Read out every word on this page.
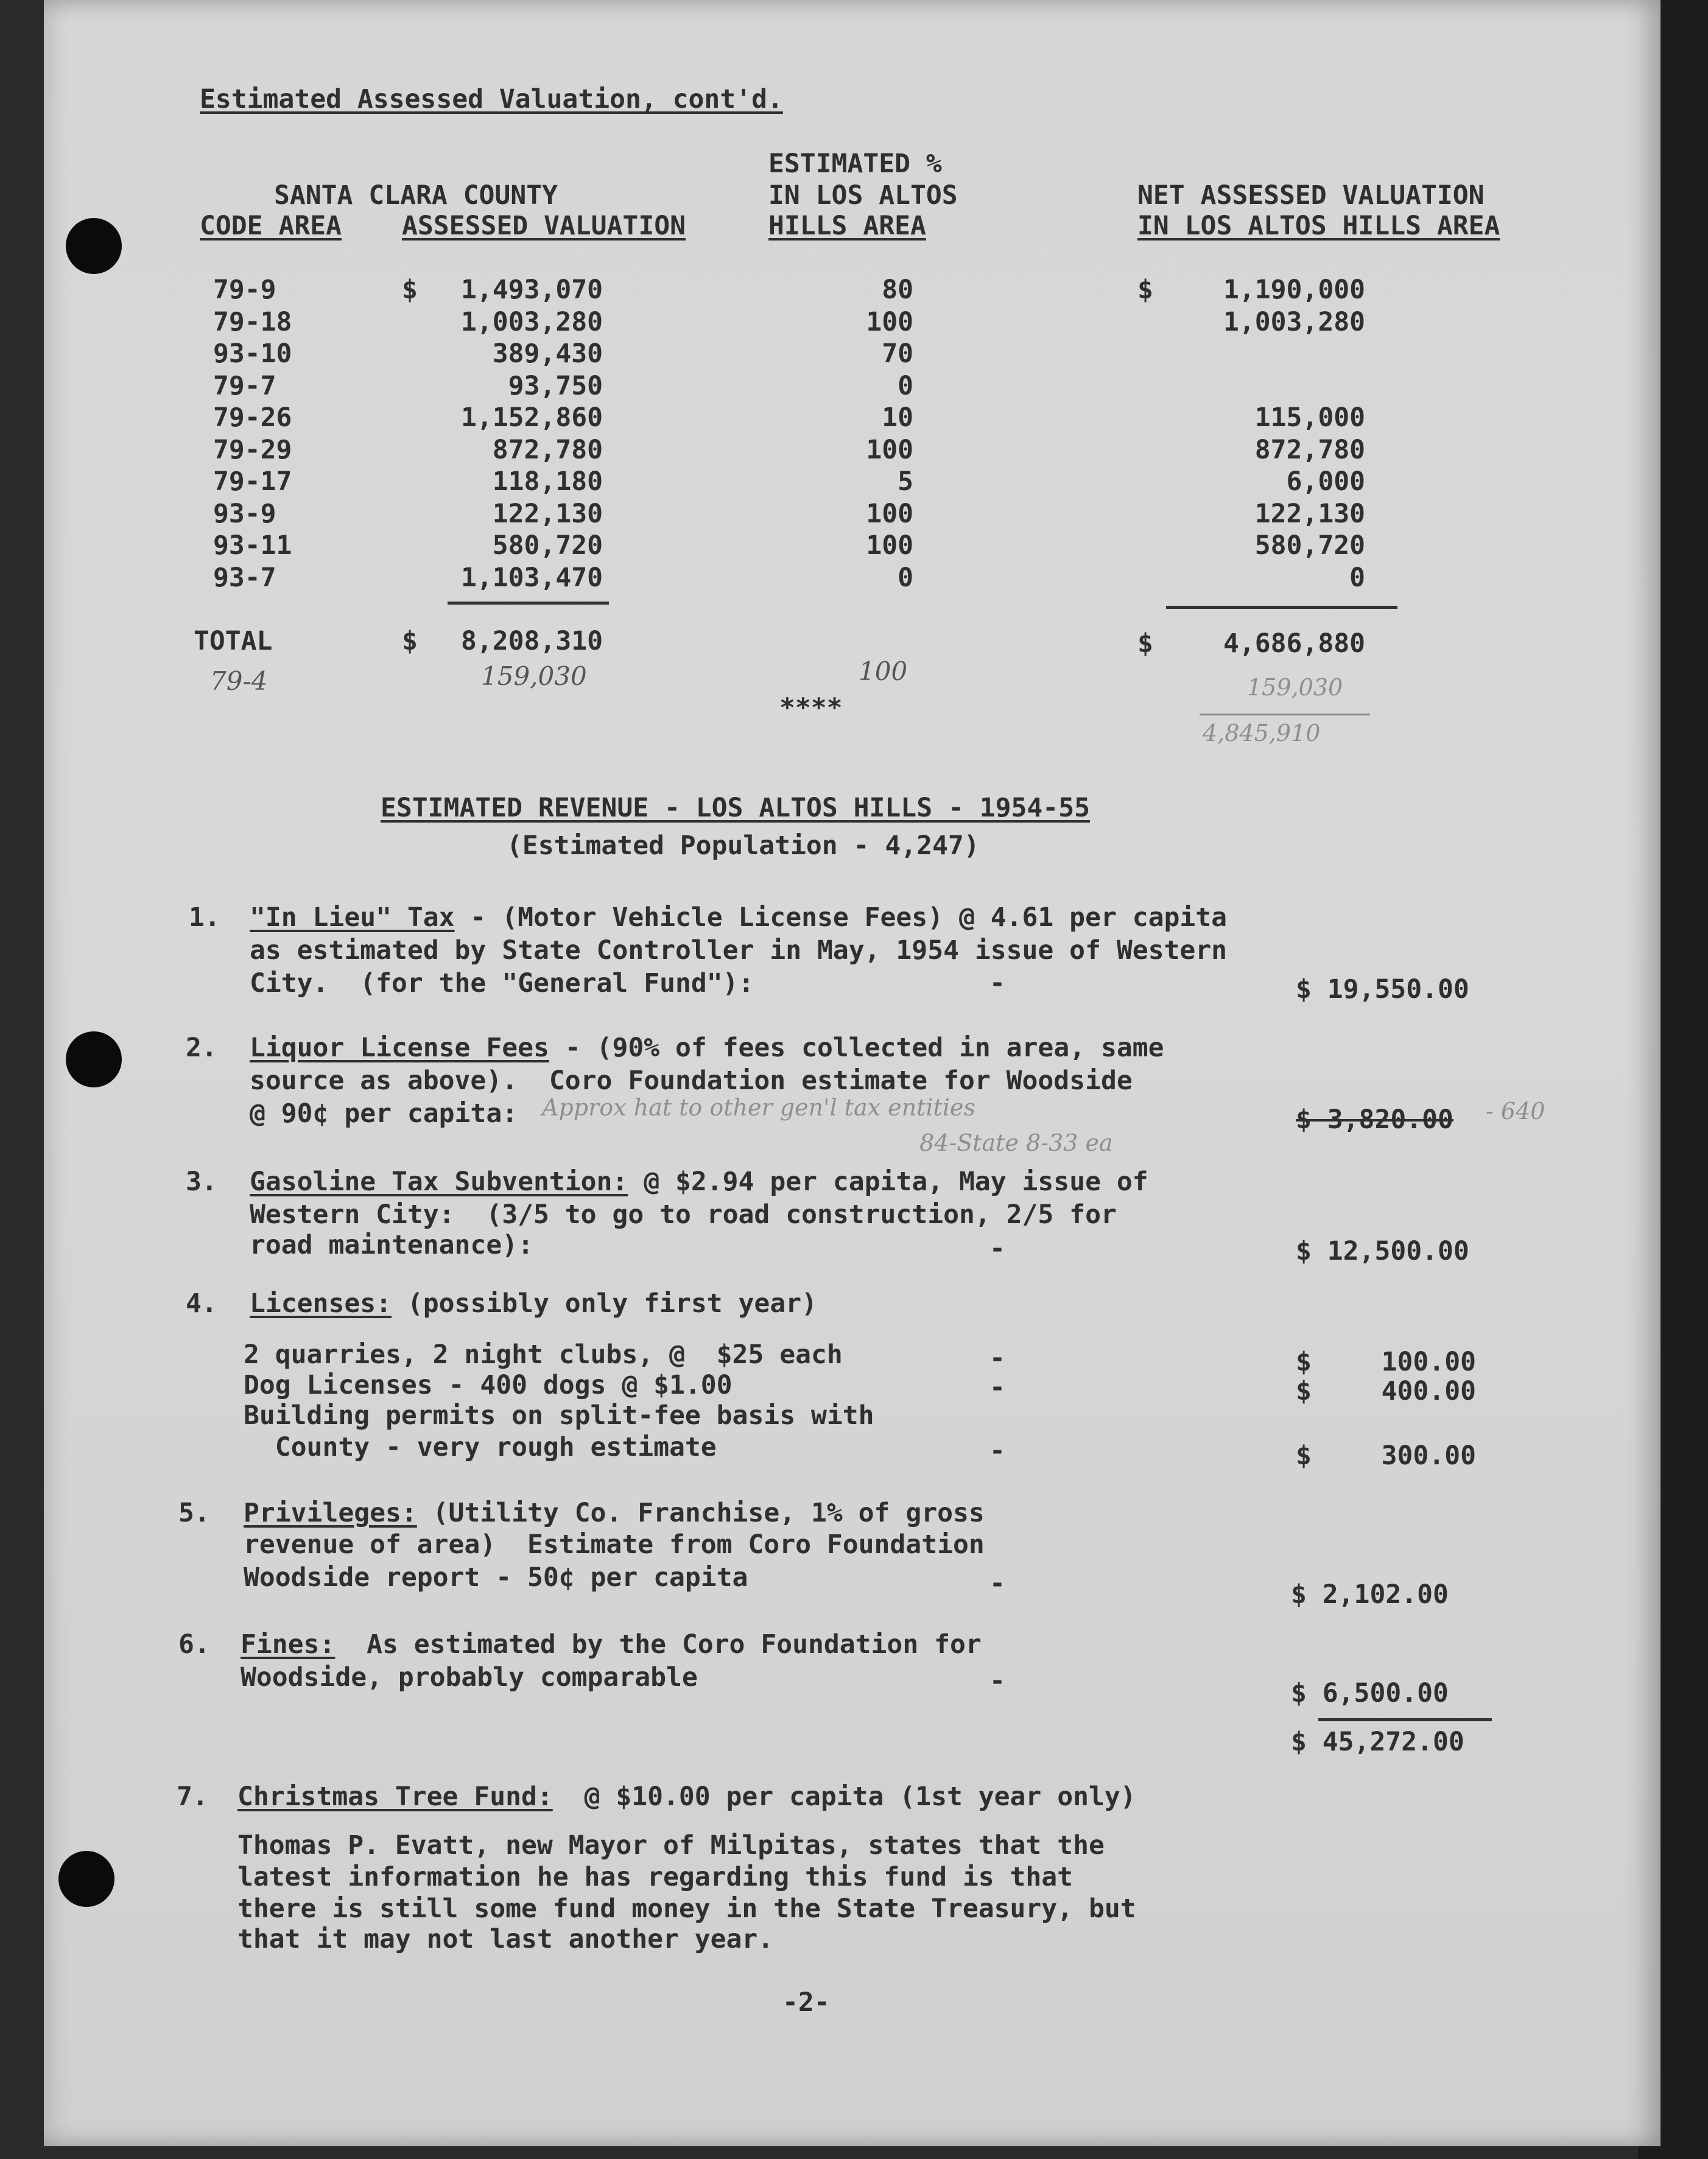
Estimated Assessed Valuation, cont'd.
SANTA CLARA COUNTY
CODE AREA ASSESSED VALUATION
ESTIMATED %
IN LOS ALTOS
HILLS AREA
NET ASSESSED VALUATION
IN LOS ALTOS HILLS AREA
79-9	1,493,070	80	1,190,000
79-18	1,003,280	100	1,003,280
93-10	389,430	70
79-7	93,750	0
79-26	1,152,860	10	115,000
79-29	872,780	100	872,780
79-17	118,180	5	6,000
93-9	122,130	100	122,130
93-11	580,720	100	580,720
93-7	1,103,470	0	0
$	$
TOTAL	$	8,208,310	$	4,686,880
79-4	159,030	100
159,030
4,845,910
****
ESTIMATED REVENUE - LOS ALTOS HILLS - 1954-55
(Estimated Population - 4,247)
1. "In Lieu" Tax - (Motor Vehicle License Fees) @ 4.61 per capita
as estimated by State Controller in May, 1954 issue of Western
City.  (for the "General Fund"):	-	$ 19,550.00
2. Liquor License Fees - (90% of fees collected in area, same
source as above).  Coro Foundation estimate for Woodside
@ 90¢ per capita: Approx hat to other gen'l tax entities
84-State 8-33 ea
$ 3,820.00 - 640
3. Gasoline Tax Subvention: @ $2.94 per capita, May issue of
Western City:  (3/5 to go to road construction, 2/5 for
road maintenance):	-	$ 12,500.00
4. Licenses: (possibly only first year)
2 quarries, 2 night clubs, @  $25 each	-	$	100.00
Dog Licenses - 400 dogs @ $1.00	-	$	400.00
Building permits on split-fee basis with
County - very rough estimate	-	$	300.00
5. Privileges: (Utility Co. Franchise, 1% of gross
revenue of area)  Estimate from Coro Foundation
Woodside report - 50¢ per capita	-	$ 2,102.00
6. Fines:  As estimated by the Coro Foundation for
Woodside, probably comparable	-	$ 6,500.00
$ 45,272.00
7. Christmas Tree Fund:  @ $10.00 per capita (1st year only)
Thomas P. Evatt, new Mayor of Milpitas, states that the
latest information he has regarding this fund is that
there is still some fund money in the State Treasury, but
that it may not last another year.
-2-
